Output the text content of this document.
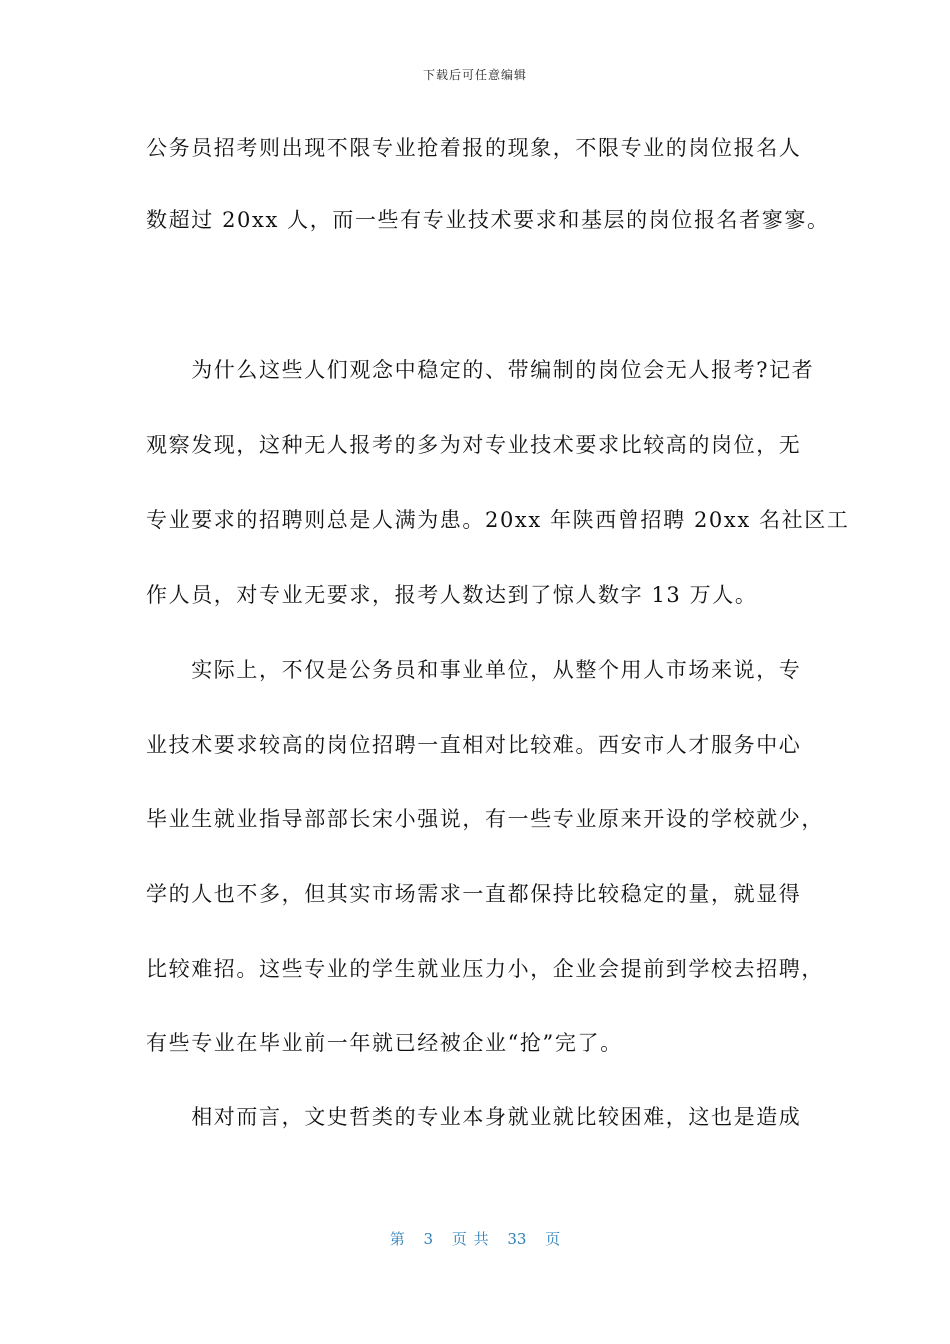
下载后可任意编辑
公务员招考则出现不限专业抢着报的现象，不限专业的岗位报名人
数超过 20xx 人，而一些有专业技术要求和基层的岗位报名者寥寥。
　　为什么这些人们观念中稳定的、带编制的岗位会无人报考?记者
观察发现，这种无人报考的多为对专业技术要求比较高的岗位，无
专业要求的招聘则总是人满为患。20xx 年陕西曾招聘 20xx 名社区工
作人员，对专业无要求，报考人数达到了惊人数字 13 万人。
　　实际上，不仅是公务员和事业单位，从整个用人市场来说，专
业技术要求较高的岗位招聘一直相对比较难。西安市人才服务中心
毕业生就业指导部部长宋小强说，有一些专业原来开设的学校就少，
学的人也不多，但其实市场需求一直都保持比较稳定的量，就显得
比较难招。这些专业的学生就业压力小，企业会提前到学校去招聘，
有些专业在毕业前一年就已经被企业“抢”完了。
　　相对而言，文史哲类的专业本身就业就比较困难，这也是造成
第 3 页 共 33 页
